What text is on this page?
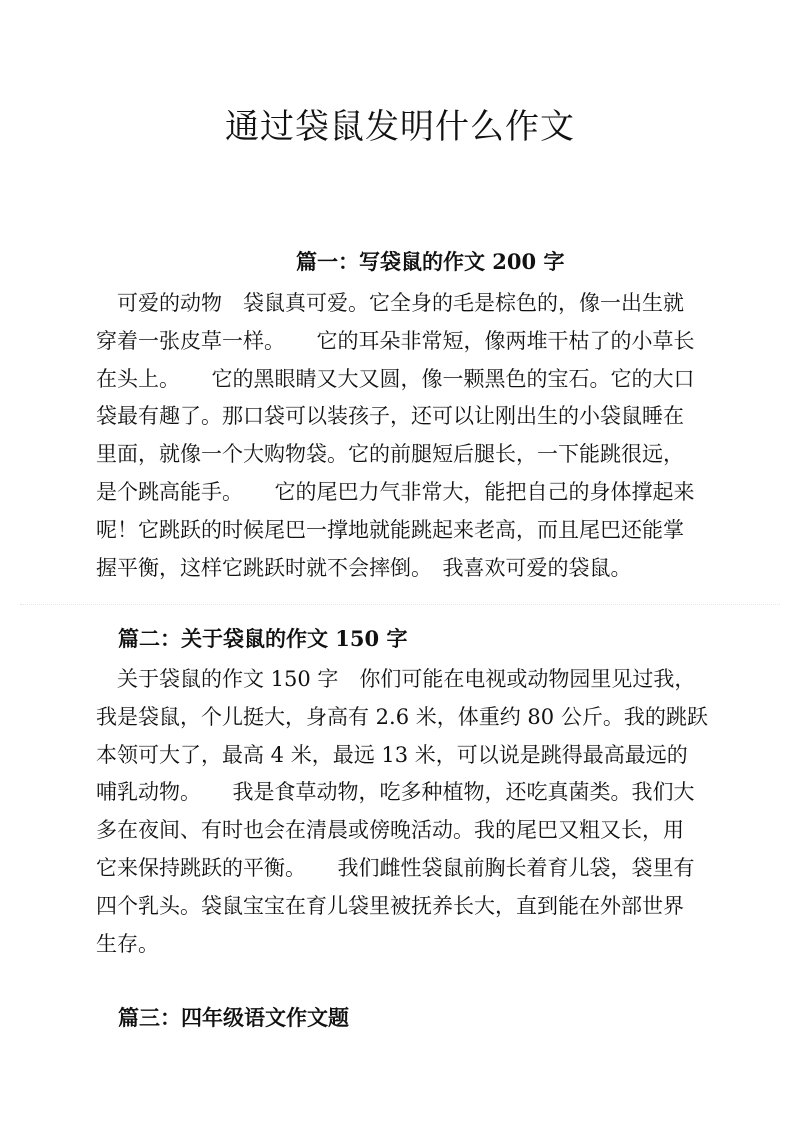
通过袋鼠发明什么作文
篇一：写袋鼠的作文 200 字
　可爱的动物　袋鼠真可爱。它全身的毛是棕色的，像一出生就
穿着一张皮草一样。　　它的耳朵非常短，像两堆干枯了的小草长
在头上。　　它的黑眼睛又大又圆，像一颗黑色的宝石。它的大口
袋最有趣了。那口袋可以装孩子，还可以让刚出生的小袋鼠睡在
里面，就像一个大购物袋。它的前腿短后腿长，一下能跳很远，
是个跳高能手。　　它的尾巴力气非常大，能把自己的身体撑起来
呢！它跳跃的时候尾巴一撑地就能跳起来老高，而且尾巴还能掌
握平衡，这样它跳跃时就不会摔倒。　我喜欢可爱的袋鼠。
篇二：关于袋鼠的作文 150 字
　关于袋鼠的作文 150 字　你们可能在电视或动物园里见过我，
我是袋鼠，个儿挺大，身高有 2.6 米，体重约 80 公斤。我的跳跃
本领可大了，最高 4 米，最远 13 米，可以说是跳得最高最远的
哺乳动物。　　我是食草动物，吃多种植物，还吃真菌类。我们大
多在夜间、有时也会在清晨或傍晚活动。我的尾巴又粗又长，用
它来保持跳跃的平衡。　　我们雌性袋鼠前胸长着育儿袋，袋里有
四个乳头。袋鼠宝宝在育儿袋里被抚养长大，直到能在外部世界
生存。
篇三：四年级语文作文题
